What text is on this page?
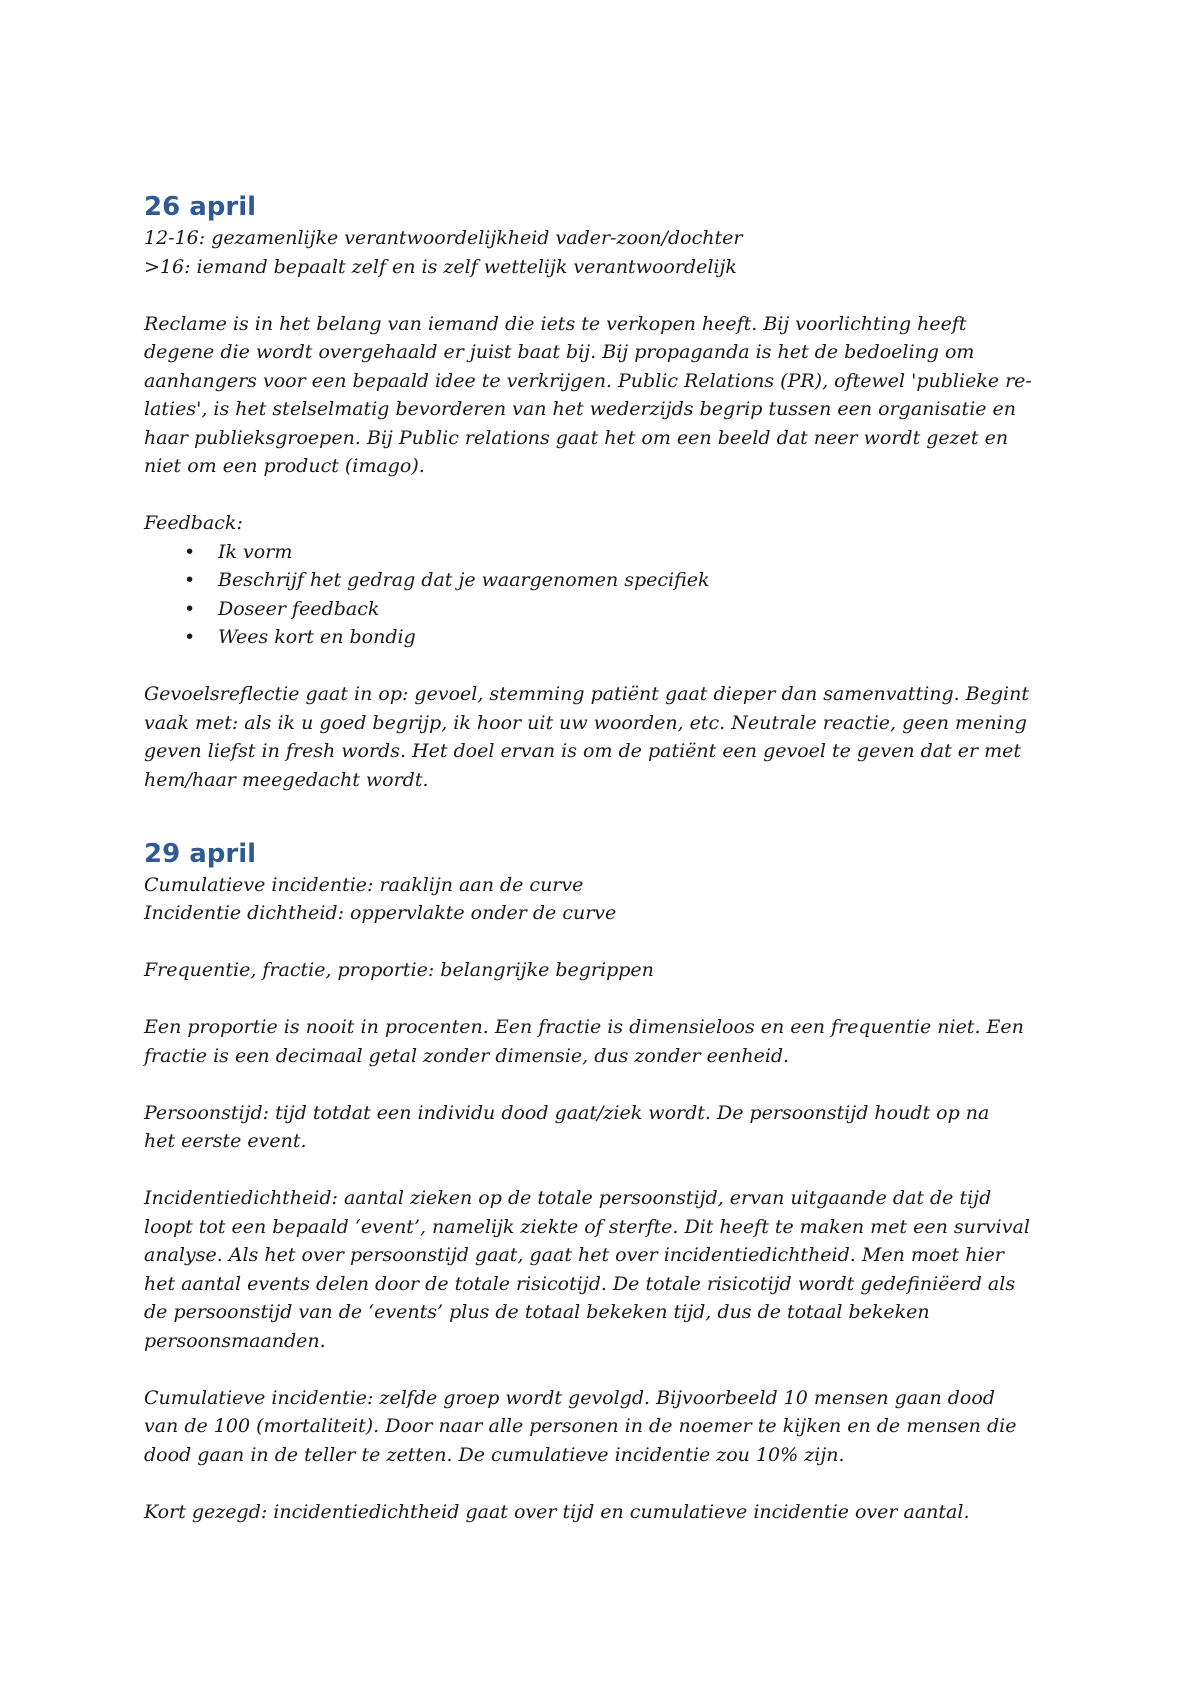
26 april

12-16: gezamenlijke verantwoordelijkheid vader-zoon/dochter

>16: iemand bepaalt zelf en is zelf wettelijk verantwoordelijk

Reclame is in het belang van iemand die iets te verkopen heeft. Bij voorlichting heeft

degene die wordt overgehaald er juist baat bij. Bij propaganda is het de bedoeling om

aanhangers voor een bepaald idee te verkrijgen. Public Relations (PR), oftewel 'publieke re-

laties', is het stelselmatig bevorderen van het wederzijds begrip tussen een organisatie en

haar publieksgroepen. Bij Public relations gaat het om een beeld dat neer wordt gezet en

niet om een product (imago).

Feedback:

• Ik vorm
• Beschrijf het gedrag dat je waargenomen specifiek
• Doseer feedback
• Wees kort en bondig

Gevoelsreflectie gaat in op: gevoel, stemming patiënt gaat dieper dan samenvatting. Begint

vaak met: als ik u goed begrijp, ik hoor uit uw woorden, etc. Neutrale reactie, geen mening

geven liefst in fresh words. Het doel ervan is om de patiënt een gevoel te geven dat er met

hem/haar meegedacht wordt.

29 april

Cumulatieve incidentie: raaklijn aan de curve

Incidentie dichtheid: oppervlakte onder de curve

Frequentie, fractie, proportie: belangrijke begrippen

Een proportie is nooit in procenten. Een fractie is dimensieloos en een frequentie niet. Een

fractie is een decimaal getal zonder dimensie, dus zonder eenheid.

Persoonstijd: tijd totdat een individu dood gaat/ziek wordt. De persoonstijd houdt op na

het eerste event.

Incidentiedichtheid: aantal zieken op de totale persoonstijd, ervan uitgaande dat de tijd

loopt tot een bepaald ‘event’, namelijk ziekte of sterfte. Dit heeft te maken met een survival

analyse. Als het over persoonstijd gaat, gaat het over incidentiedichtheid. Men moet hier

het aantal events delen door de totale risicotijd. De totale risicotijd wordt gedefiniëerd als

de persoonstijd van de ‘events’ plus de totaal bekeken tijd, dus de totaal bekeken

persoonsmaanden.

Cumulatieve incidentie: zelfde groep wordt gevolgd. Bijvoorbeeld 10 mensen gaan dood

van de 100 (mortaliteit). Door naar alle personen in de noemer te kijken en de mensen die

dood gaan in de teller te zetten. De cumulatieve incidentie zou 10% zijn.

Kort gezegd: incidentiedichtheid gaat over tijd en cumulatieve incidentie over aantal.
